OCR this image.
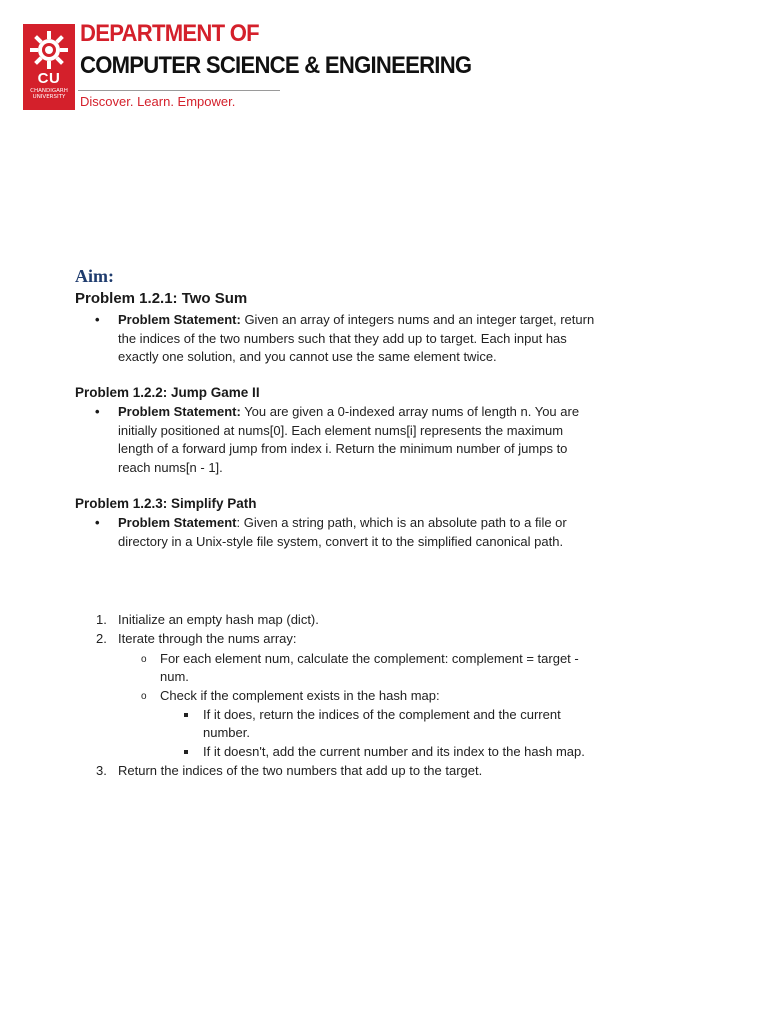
CU
CHANDIGARH UNIVERSITY
DEPARTMENT OF
COMPUTER SCIENCE & ENGINEERING
Discover. Learn. Empower.
Aim:
Problem 1.2.1: Two Sum
• Problem Statement: Given an array of integers nums and an integer target, return
the indices of the two numbers such that they add up to target. Each input has
exactly one solution, and you cannot use the same element twice.
Problem 1.2.2: Jump Game II
• Problem Statement: You are given a 0-indexed array nums of length n. You are
initially positioned at nums[0]. Each element nums[i] represents the maximum
length of a forward jump from index i. Return the minimum number of jumps to
reach nums[n - 1].
Problem 1.2.3: Simplify Path
• Problem Statement: Given a string path, which is an absolute path to a file or
directory in a Unix-style file system, convert it to the simplified canonical path.
1. Initialize an empty hash map (dict).
2. Iterate through the nums array:
o For each element num, calculate the complement: complement = target -
num.
o Check if the complement exists in the hash map:
If it does, return the indices of the complement and the current
number.
If it doesn't, add the current number and its index to the hash map.
3. Return the indices of the two numbers that add up to the target.
